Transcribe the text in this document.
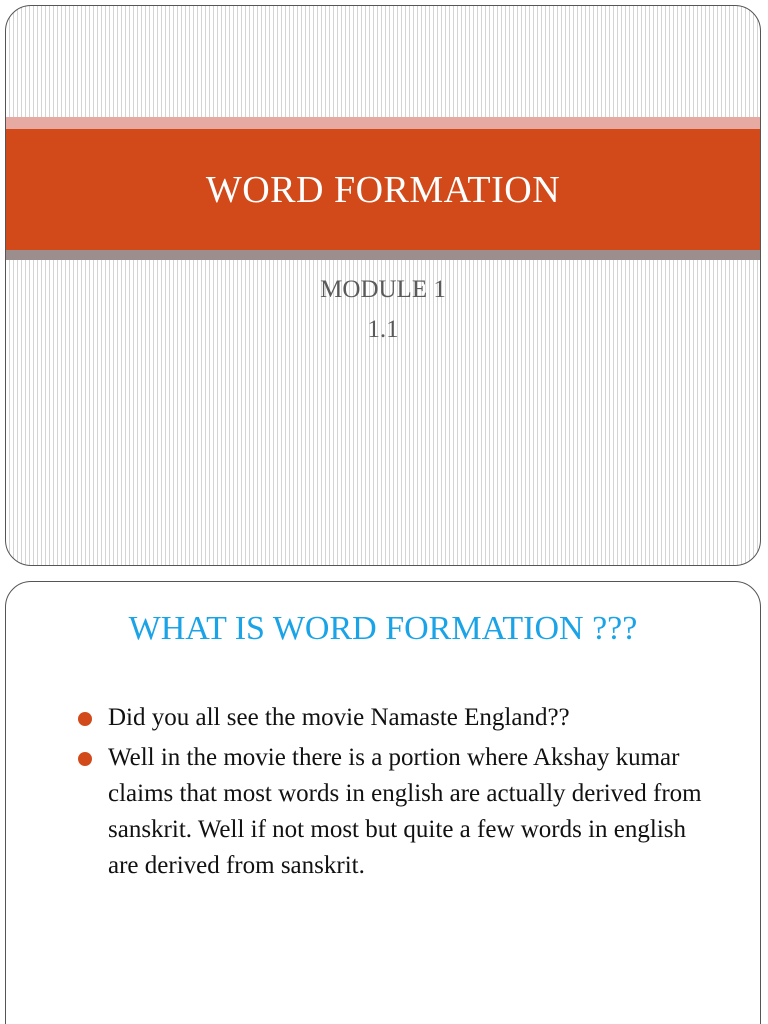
WORD FORMATION
MODULE 1
1.1
WHAT IS WORD FORMATION ???
Did you all see the movie Namaste England??
Well in the movie there is a portion where Akshay kumar claims that most words in english are actually derived from sanskrit. Well if not most but quite a few words in english are derived from sanskrit.
